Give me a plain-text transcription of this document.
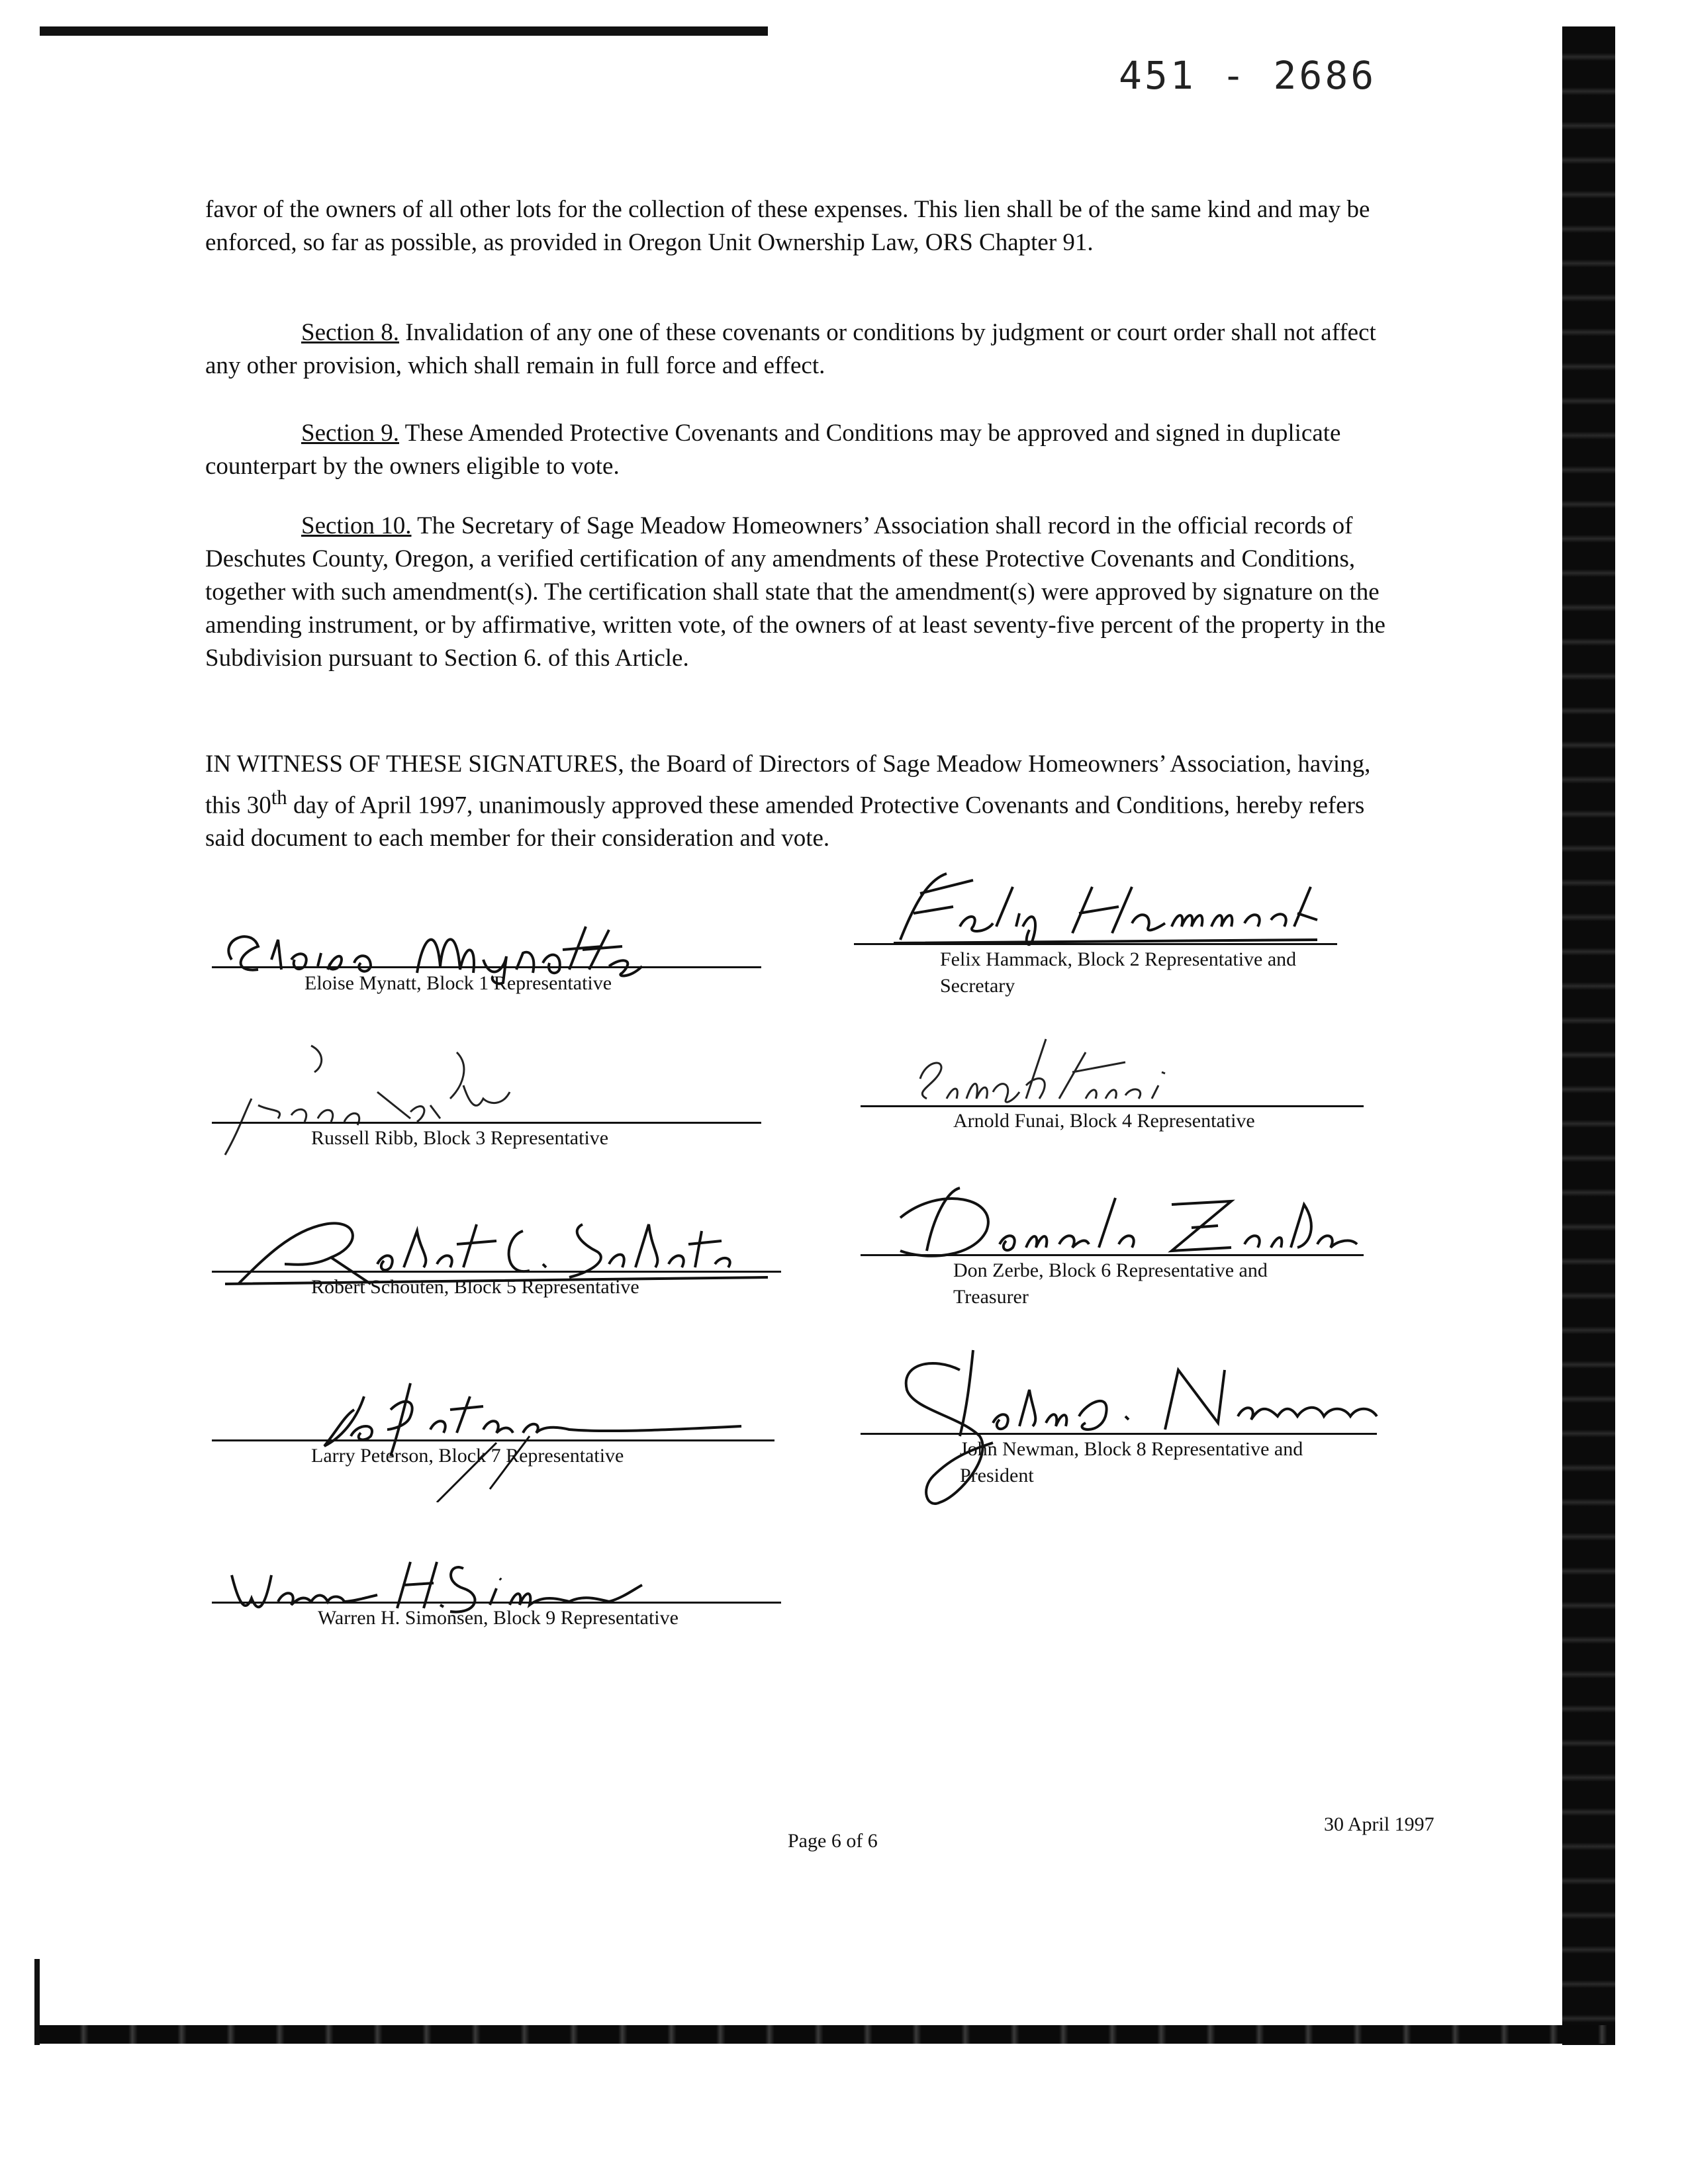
451 - 2686

favor of the owners of all other lots for the collection of these expenses. This lien shall be of the same kind and may be enforced, so far as possible, as provided in Oregon Unit Ownership Law, ORS Chapter 91.

Section 8. Invalidation of any one of these covenants or conditions by judgment or court order shall not affect any other provision, which shall remain in full force and effect.

Section 9. These Amended Protective Covenants and Conditions may be approved and signed in duplicate counterpart by the owners eligible to vote.

Section 10. The Secretary of Sage Meadow Homeowners’ Association shall record in the official records of Deschutes County, Oregon, a verified certification of any amendments of these Protective Covenants and Conditions, together with such amendment(s). The certification shall state that the amendment(s) were approved by signature on the amending instrument, or by affirmative, written vote, of the owners of at least seventy-five percent of the property in the Subdivision pursuant to Section 6. of this Article.

IN WITNESS OF THESE SIGNATURES, the Board of Directors of Sage Meadow Homeowners’ Association, having, this 30th day of April 1997, unanimously approved these amended Protective Covenants and Conditions, hereby refers said document to each member for their consideration and vote.

Eloise Mynatt, Block 1 Representative
Felix Hammack, Block 2 Representative and
Secretary
Russell Ribb, Block 3 Representative
Arnold Funai, Block 4 Representative
Robert Schouten, Block 5 Representative
Don Zerbe, Block 6 Representative and
Treasurer
Larry Peterson, Block 7 Representative	John Newman, Block 8 Representative and
President
Warren H. Simonsen, Block 9 Representative
Page 6 of 6
30 April 1997
